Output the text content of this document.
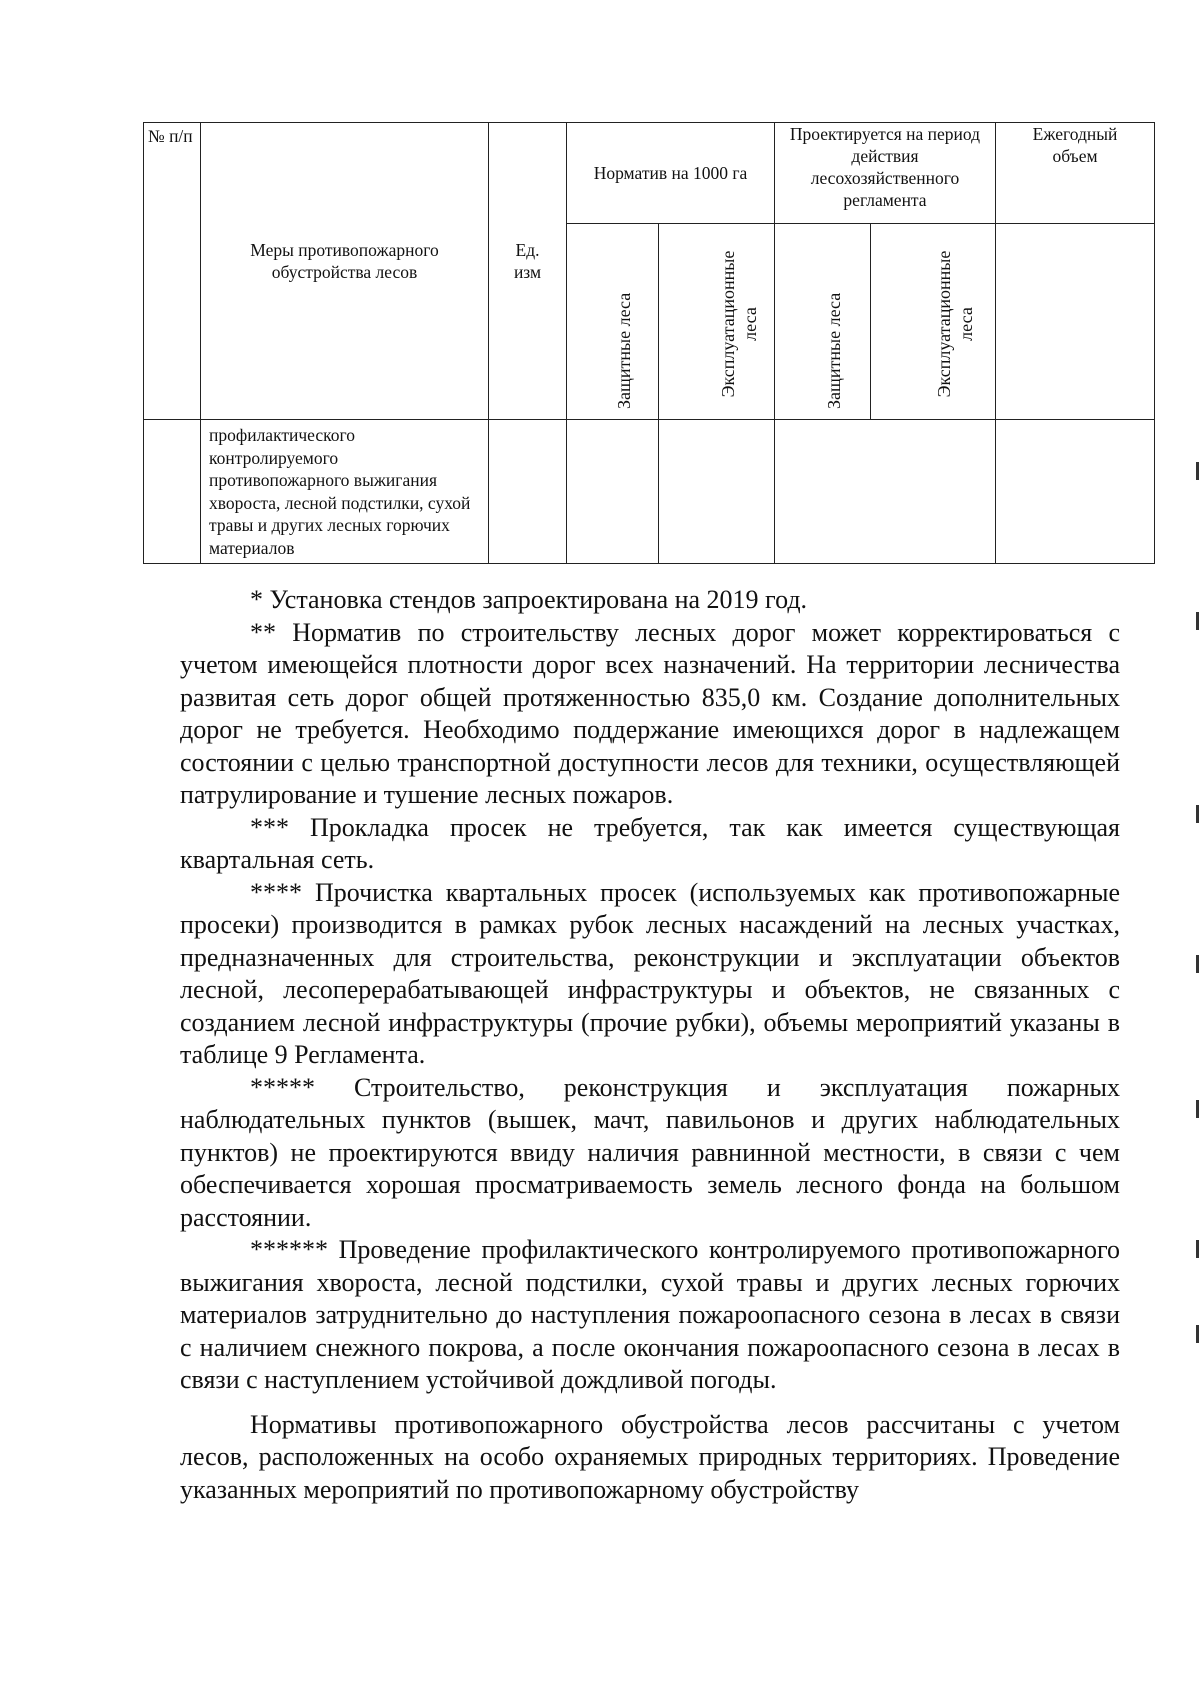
№ п/п	Меры противопожарного обустройства лесов	Ед. изм	Норматив на 1000 га		Проектируется на период действия лесохозяйственного регламента		Ежегодный объем

			Защитные леса	Эксплуатационные леса	Защитные леса	Эксплуатационные леса	

	профилактического контролируемого противопожарного выжигания хвороста, лесной подстилки, сухой травы и других лесных горючих материалов						

* Установка стендов запроектирована на 2019 год.

** Норматив по строительству лесных дорог может корректироваться с учетом имеющейся плотности дорог всех назначений. На территории лесничества развитая сеть дорог общей протяженностью 835,0 км. Создание дополнительных дорог не требуется. Необходимо поддержание имеющихся дорог в надлежащем состоянии с целью транспортной доступности лесов для техники, осуществляющей патрулирование и тушение лесных пожаров.

*** Прокладка просек не требуется, так как имеется существующая квартальная сеть.

**** Прочистка квартальных просек (используемых как противопожарные просеки) производится в рамках рубок лесных насаждений на лесных участках, предназначенных для строительства, реконструкции и эксплуатации объектов лесной, лесоперерабатывающей инфраструктуры и объектов, не связанных с созданием лесной инфраструктуры (прочие рубки), объемы мероприятий указаны в таблице 9 Регламента.

***** Строительство, реконструкция и эксплуатация пожарных наблюдательных пунктов (вышек, мачт, павильонов и других наблюдательных пунктов) не проектируются ввиду наличия равнинной местности, в связи с чем обеспечивается хорошая просматриваемость земель лесного фонда на большом расстоянии.

****** Проведение профилактического контролируемого противопожарного выжигания хвороста, лесной подстилки, сухой травы и других лесных горючих материалов затруднительно до наступления пожароопасного сезона в лесах в связи с наличием снежного покрова, а после окончания пожароопасного сезона в лесах в связи с наступлением устойчивой дождливой погоды.

Нормативы противопожарного обустройства лесов рассчитаны с учетом лесов, расположенных на особо охраняемых природных территориях. Проведение указанных мероприятий по противопожарному обустройству
